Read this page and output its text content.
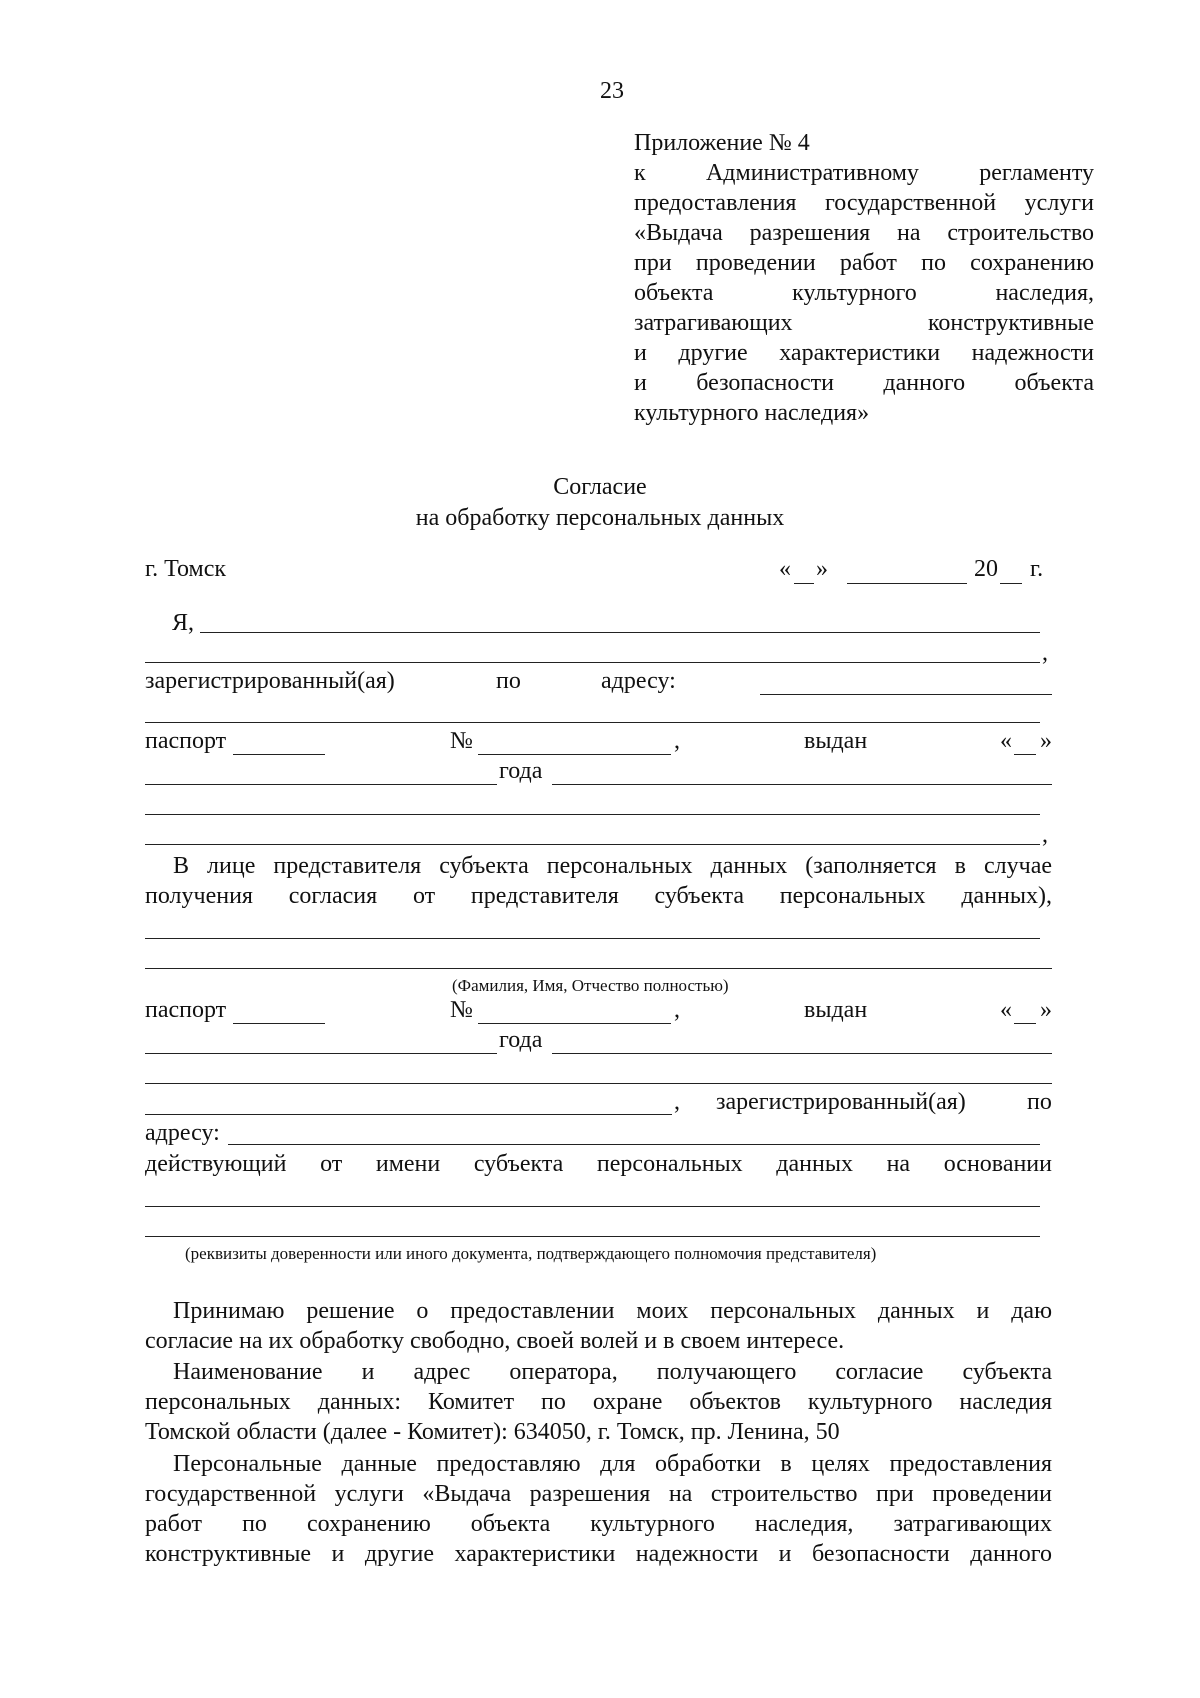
23
Приложение № 4
к Административному регламенту
предоставления государственной услуги
«Выдача разрешения на строительство
при проведении работ по сохранению
объекта культурного наследия,
затрагивающих конструктивные
и другие характеристики надежности
и безопасности данного объекта
культурного наследия»
Согласие
на обработку персональных данных
г. Томск	« »	20 г.
Я,
,
зарегистрированный(ая)	по	адресу:
паспорт	№	,	выдан	« »
года
,
В лице представителя субъекта персональных данных (заполняется в случае
получения согласия от представителя субъекта персональных данных),
(Фамилия, Имя, Отчество полностью)
паспорт	№	,	выдан	« »
года
, зарегистрированный(ая)	по
адресу:
действующий от имени субъекта персональных данных на основании
(реквизиты доверенности или иного документа, подтверждающего полномочия представителя)
Принимаю решение о предоставлении моих персональных данных и даю
согласие на их обработку свободно, своей волей и в своем интересе.
Наименование и адрес оператора, получающего согласие субъекта
персональных данных: Комитет по охране объектов культурного наследия
Томской области (далее - Комитет): 634050, г. Томск, пр. Ленина, 50
Персональные данные предоставляю для обработки в целях предоставления
государственной услуги «Выдача разрешения на строительство при проведении
работ по сохранению объекта культурного наследия, затрагивающих
конструктивные и другие характеристики надежности и безопасности данного
